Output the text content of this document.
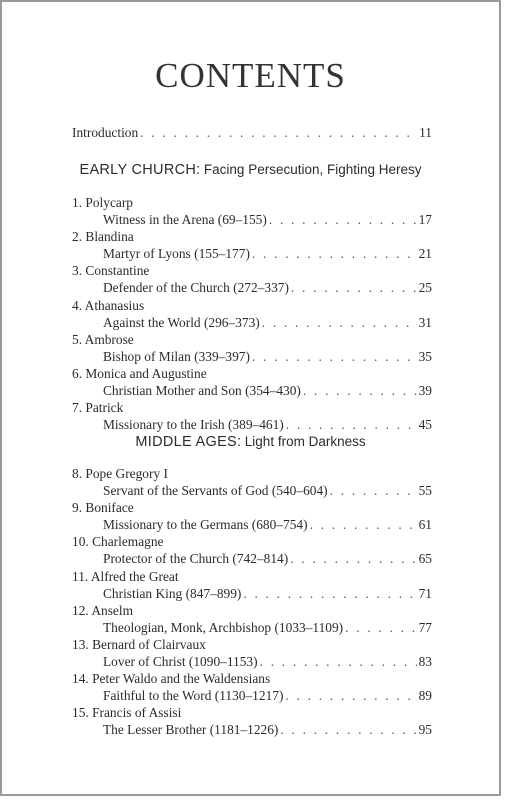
CONTENTS
Introduction . . .	11
EARLY CHURCH: Facing Persecution, Fighting Heresy
1. Polycarp
Witness in the Arena (69–155) . . .	17
2. Blandina
Martyr of Lyons (155–177) . . .	21
3. Constantine
Defender of the Church (272–337) . . .	25
4. Athanasius
Against the World (296–373) . . .	31
5. Ambrose
Bishop of Milan (339–397) . . .	35
6. Monica and Augustine
Christian Mother and Son (354–430) . . .	39
7. Patrick
Missionary to the Irish (389–461) . . .	45
MIDDLE AGES: Light from Darkness
8. Pope Gregory I
Servant of the Servants of God (540–604) . . .	55
9. Boniface
Missionary to the Germans (680–754) . . .	61
10. Charlemagne
Protector of the Church (742–814) . . .	65
11. Alfred the Great
Christian King (847–899) . . .	71
12. Anselm
Theologian, Monk, Archbishop (1033–1109) . . .	77
13. Bernard of Clairvaux
Lover of Christ (1090–1153) . . .	83
14. Peter Waldo and the Waldensians
Faithful to the Word (1130–1217) . . .	89
15. Francis of Assisi
The Lesser Brother (1181–1226) . . .	95
